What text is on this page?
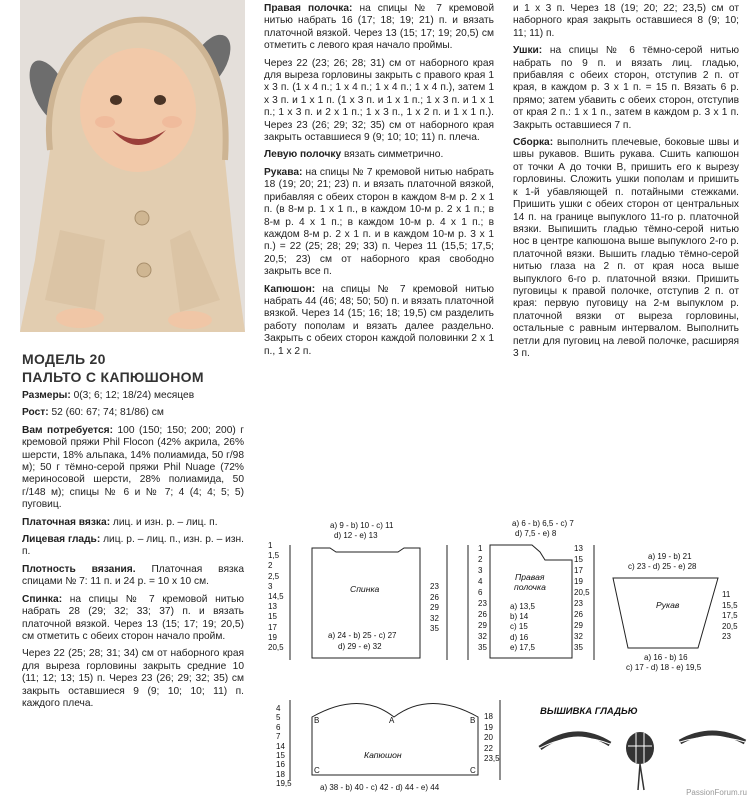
МОДЕЛЬ 20
ПАЛЬТО С КАПЮШОНОМ

Размеры: 0(3; 6; 12; 18/24) месяцев

Рост: 52 (60: 67; 74; 81/86) см

Вам потребуется: 100 (150; 150; 200; 200) г кремовой пряжи Phil Flocon (42% акрила, 26% шерсти, 18% альпака, 14% полиамида, 50 г/98 м); 50 г тёмно-серой пряжи Phil Nuage (72% мериносовой шерсти, 28% полиамида, 50 г/148 м); спицы № 6 и № 7; 4 (4; 4; 5; 5) пуговиц.

Платочная вязка: лиц. и изн. р. – лиц. п.

Лицевая гладь: лиц. р. – лиц. п., изн. р. – изн. п.

Плотность вязания. Платочная вязка спицами № 7: 11 п. и 24 р. = 10 x 10 см.

Спинка: на спицы № 7 кремовой нитью набрать 28 (29; 32; 33; 37) п. и вязать платочной вязкой. Через 13 (15; 17; 19; 20,5) см отметить с обеих сторон начало пройм.

Через 22 (25; 28; 31; 34) см от наборного края для выреза горловины закрыть средние 10 (11; 12; 13; 15) п. Через 23 (26; 29; 32; 35) см закрыть оставшиеся 9 (9; 10; 10; 11) п. каждого плеча.

Правая полочка: на спицы № 7 кремовой нитью набрать 16 (17; 18; 19; 21) п. и вязать платочной вязкой. Через 13 (15; 17; 19; 20,5) см отметить с левого края начало проймы.

Через 22 (23; 26; 28; 31) см от наборного края для выреза горловины закрыть с правого края 1 х 3 п. (1 х 4 п.; 1 х 4 п.; 1 х 4 п.; 1 х 4 п.), затем 1 х 3 п. и 1 х 1 п. (1 х 3 п. и 1 х 1 п.; 1 х 3 п. и 1 х 1 п.; 1 х 3 п. и 2 х 1 п.; 1 х 3 п., 1 х 2 п. и 1 х 1 п.). Через 23 (26; 29; 32; 35) см от наборного края закрыть оставшиеся 9 (9; 10; 10; 11) п. плеча.

Левую полочку вязать симметрично.

Рукава: на спицы № 7 кремовой нитью набрать 18 (19; 20; 21; 23) п. и вязать платочной вязкой, прибавляя с обеих сторон в каждом 8-м р. 2 х 1 п. (в 8-м р. 1 х 1 п., в каждом 10-м р. 2 х 1 п.; в 8-м р. 4 х 1 п.; в каждом 10-м р. 4 х 1 п.; в каждом 8-м р. 2 х 1 п. и в каждом 10-м р. 3 х 1 п.) = 22 (25; 28; 29; 33) п. Через 11 (15,5; 17,5; 20,5; 23) см от наборного края свободно закрыть все п.

Капюшон: на спицы № 7 кремовой нитью набрать 44 (46; 48; 50; 50) п. и вязать платочной вязкой. Через 14 (15; 16; 18; 19,5) см разделить работу пополам и вязать далее раздельно. Закрыть с обеих сторон каждой половинки 2 х 1 п., 1 х 2 п.

и 1 х 3 п. Через 18 (19; 20; 22; 23,5) см от наборного края закрыть оставшиеся 8 (9; 10; 11; 11) п.

Ушки: на спицы № 6 тёмно-серой нитью набрать по 9 п. и вязать лиц. гладью, прибавляя с обеих сторон, отступив 2 п. от края, в каждом р. 3 х 1 п. = 15 п. Вязать 6 р. прямо; затем убавить с обеих сторон, отступив от края 2 п.: 1 х 1 п., затем в каждом р. 3 х 1 п. Закрыть оставшиеся 7 п.

Сборка: выполнить плечевые, боковые швы и швы рукавов. Вшить рукава. Сшить капюшон от точки А до точки В, пришить его к вырезу горловины. Сложить ушки пополам и пришить к 1-й убавляющей п. потайными стежками. Пришить ушки с обеих сторон от центральных 14 п. на границе выпуклого 11-го р. платочной вязки. Выпишить гладью тёмно-серой нитью нос в центре капюшона выше выпуклого 2-го р. платочной вязки. Вышить гладью тёмно-серой нитью глаза на 2 п. от края носа выше выпуклого 6-го р. платочной вязки. Пришить пуговицы к правой полочке, отступив 2 п. от края: первую пуговицу на 2-м выпуклом р. платочной вязки от выреза горловины, остальные с равным интервалом. Выполнить петли для пуговиц на левой полочке, расширяя 3 п.

a) 9 - b) 10 - c) 11
d) 12 - e) 13
Спинка
a) 24 - b) 25 - c) 27
d) 29 - e) 32
1
1,5
2
2,5
3
14,5
13
15
17
19
20,5
23
26
29
32
35
a) 6 - b) 6,5 - c) 7
d) 7,5 - e) 8
Правая
полочка
a) 13,5
b) 14
c) 15
d) 16
e) 17,5
1
2
3
4
6
23
26
29
32
35
13
15
17
19
20,5
23
26
29
32
35
a) 19 - b) 21
c) 23 - d) 25 - e) 28
Рукав
a) 16 - b) 16
c) 17 - d) 18 - e) 19,5
11
15,5
17,5
20,5
23
Капюшон
a) 38 - b) 40 - c) 42 - d) 44 - e) 44
A
B	B
C	C
4
5
6
7
14
15
16
18
19,5
18
19
20
22
23,5
ВЫШИВКА ГЛАДЬЮ
PassionForum.ru
